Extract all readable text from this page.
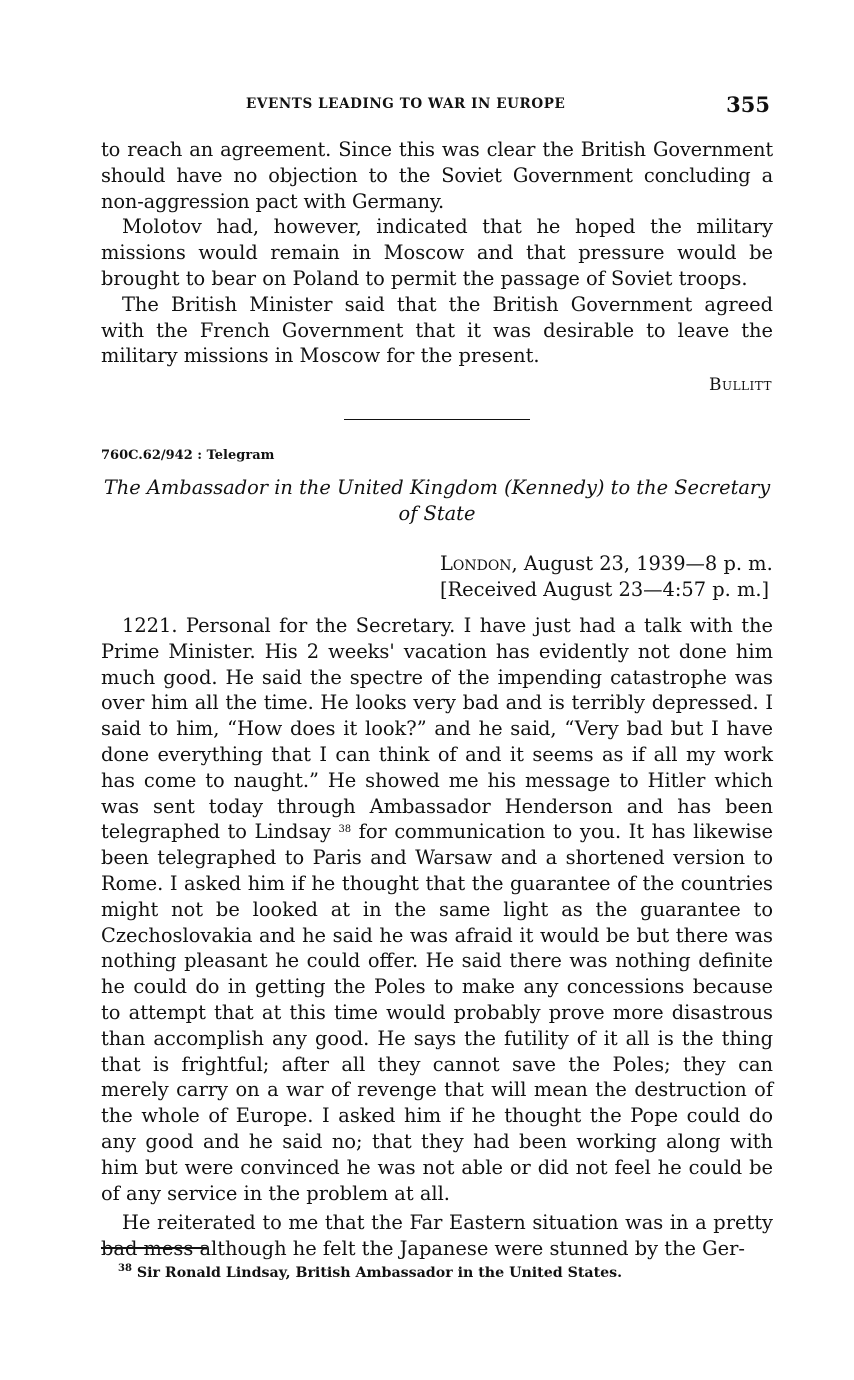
EVENTS LEADING TO WAR IN EUROPE	355

to reach an agreement. Since this was clear the British Government should have no objection to the Soviet Government concluding a non-aggression pact with Germany.

Molotov had, however, indicated that he hoped the military missions would remain in Moscow and that pressure would be brought to bear on Poland to permit the passage of Soviet troops.

The British Minister said that the British Government agreed with the French Government that it was desirable to leave the military missions in Moscow for the present.

Bullitt
760C.62/942 : Telegram
The Ambassador in the United Kingdom (Kennedy) to the Secretary
of State
London, August 23, 1939—8 p. m.
[Received August 23—4:57 p. m.]

1221. Personal for the Secretary. I have just had a talk with the Prime Minister. His 2 weeks' vacation has evidently not done him much good. He said the spectre of the impending catastrophe was over him all the time. He looks very bad and is terribly depressed. I said to him, “How does it look?” and he said, “Very bad but I have done everything that I can think of and it seems as if all my work has come to naught.” He showed me his message to Hitler which was sent today through Ambassador Henderson and has been telegraphed to Lindsay $^{38}$ for communication to you. It has likewise been telegraphed to Paris and Warsaw and a shortened version to Rome. I asked him if he thought that the guarantee of the countries might not be looked at in the same light as the guarantee to Czechoslovakia and he said he was afraid it would be but there was nothing pleasant he could offer. He said there was nothing definite he could do in getting the Poles to make any concessions because to attempt that at this time would probably prove more disastrous than accomplish any good. He says the futility of it all is the thing that is frightful; after all they cannot save the Poles; they can merely carry on a war of revenge that will mean the destruction of the whole of Europe. I asked him if he thought the Pope could do any good and he said no; that they had been working along with him but were convinced he was not able or did not feel he could be of any service in the problem at all.

He reiterated to me that the Far Eastern situation was in a pretty bad mess although he felt the Japanese were stunned by the Ger-

$^{38}$ Sir Ronald Lindsay, British Ambassador in the United States.
